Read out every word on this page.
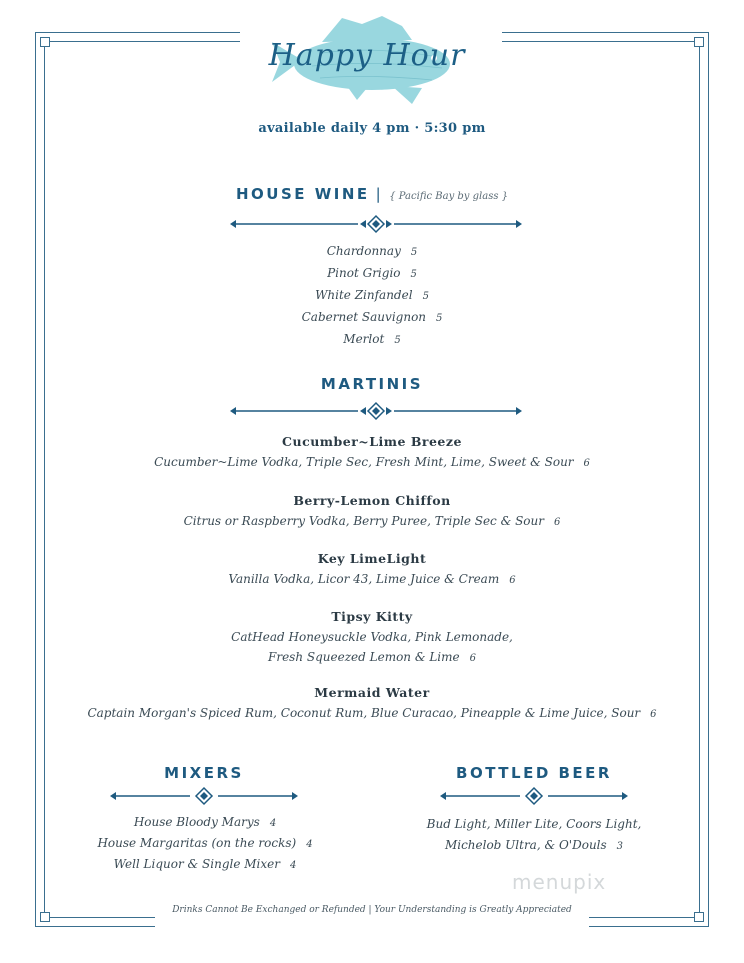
Happy Hour
available daily 4 pm · 5:30 pm
HOUSE WINE | { Pacific Bay by glass }
Chardonnay 5
Pinot Grigio 5
White Zinfandel 5
Cabernet Sauvignon 5
Merlot 5
MARTINIS
Cucumber~Lime Breeze
Cucumber~Lime Vodka, Triple Sec, Fresh Mint, Lime, Sweet & Sour 6
Berry-Lemon Chiffon
Citrus or Raspberry Vodka, Berry Puree, Triple Sec & Sour 6
Key LimeLight
Vanilla Vodka, Licor 43, Lime Juice & Cream 6
Tipsy Kitty
CatHead Honeysuckle Vodka, Pink Lemonade,
Fresh Squeezed Lemon & Lime 6
Mermaid Water
Captain Morgan's Spiced Rum, Coconut Rum, Blue Curacao, Pineapple & Lime Juice, Sour 6
MIXERS
House Bloody Marys 4
House Margaritas (on the rocks) 4
Well Liquor & Single Mixer 4
BOTTLED BEER
Bud Light, Miller Lite, Coors Light,
Michelob Ultra, & O'Douls 3
menupix
Drinks Cannot Be Exchanged or Refunded | Your Understanding is Greatly Appreciated
